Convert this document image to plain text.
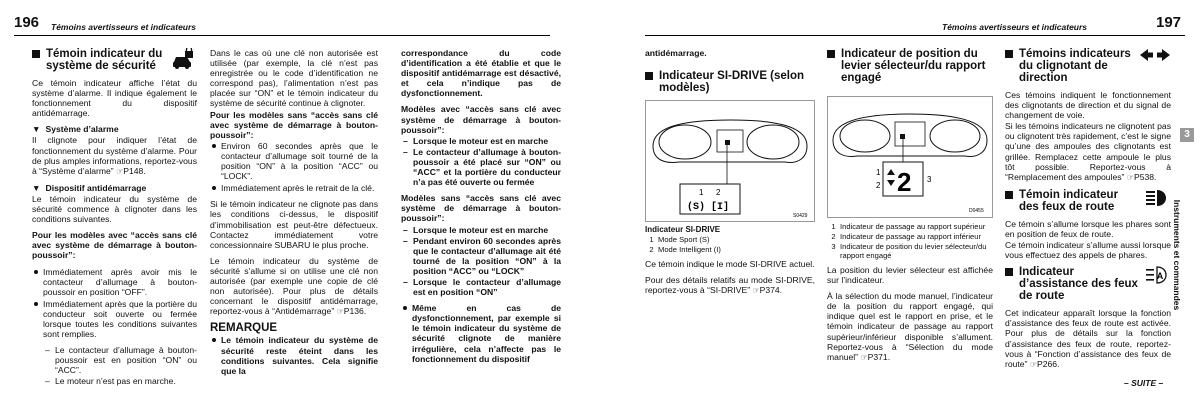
196 Témoins avertisseurs et indicateurs	Témoins avertisseurs et indicateurs	197
Témoin indicateur du système de sécurité

Ce témoin indicateur affiche l’état du système d’alarme. Il indique également le fonctionnement du dispositif antidémarrage.

▼ Système d’alarme

Il clignote pour indiquer l’état de fonctionnement du système d’alarme. Pour de plus amples informations, reportez-vous à “Système d’alarme” ☞ P148.

▼ Dispositif antidémarrage

Le témoin indicateur du système de sécurité commence à clignoter dans les conditions suivantes.

Pour les modèles avec “accès sans clé avec système de démarrage à bouton-poussoir”:

Immédiatement après avoir mis le contacteur d’allumage à bouton-poussoir en position “OFF”.
Immédiatement après que la portière du conducteur soit ouverte ou fermée lorsque toutes les conditions suivantes sont remplies.
– Le contacteur d’allumage à bouton-poussoir est en position “ON” ou “ACC”.
– Le moteur n’est pas en marche.

Dans le cas où une clé non autorisée est utilisée (par exemple, la clé n’est pas enregistrée ou le code d’identification ne correspond pas), l’alimentation n’est pas placée sur “ON” et le témoin indicateur du système de sécurité continue à clignoter.

Pour les modèles sans “accès sans clé avec système de démarrage à bouton-poussoir”:

Environ 60 secondes après que le contacteur d’allumage soit tourné de la position “ON” à la position “ACC” ou “LOCK”.
Immédiatement après le retrait de la clé.

Si le témoin indicateur ne clignote pas dans les conditions ci-dessus, le dispositif d’immobilisation est peut-être défectueux. Contactez immédiatement votre concessionnaire SUBARU le plus proche.

Le témoin indicateur du système de sécurité s’allume si on utilise une clé non autorisée (par exemple une copie de clé non autorisée). Pour plus de détails concernant le dispositif antidémarrage, reportez-vous à “Antidémarrage” ☞ P136.

REMARQUE
Le témoin indicateur du système de sécurité reste éteint dans les conditions suivantes. Cela signifie que la

correspondance du code d’identification a été établie et que le dispositif antidémarrage est désactivé, et cela n’indique pas de dysfonctionnement.

Modèles avec “accès sans clé avec système de démarrage à bouton-poussoir”:

– Lorsque le moteur est en marche
– Le contacteur d’allumage à bouton-poussoir a été placé sur “ON” ou “ACC” et la portière du conducteur n’a pas été ouverte ou fermée

Modèles sans “accès sans clé avec système de démarrage à bouton-poussoir”:

– Lorsque le moteur est en marche
– Pendant environ 60 secondes après que le contacteur d’allumage ait été tourné de la position “ON” à la position “ACC” ou “LOCK”
– Lorsque le contacteur d’allumage est en position “ON”
Même en cas de dysfonctionnement, par exemple si le témoin indicateur du système de sécurité clignote de manière irrégulière, cela n’affecte pas le fonctionnement du dispositif

antidémarrage.

Indicateur SI-DRIVE (selon modèles)
1 2
(S) [I]
S0429
Indicateur SI-DRIVE
1 Mode Sport (S)
2 Mode Intelligent (I)

Ce témoin indique le mode SI-DRIVE actuel.

Pour des détails relatifs au mode SI-DRIVE, reportez-vous à “SI-DRIVE” ☞ P374.

Indicateur de position du levier sélecteur/du rapport engagé
1
2
3
2
D0455
1 Indicateur de passage au rapport supérieur
2 Indicateur de passage au rapport inférieur
3 Indicateur de position du levier sélecteur/du rapport engagé

La position du levier sélecteur est affichée sur l’indicateur.

À la sélection du mode manuel, l’indicateur de la position du rapport engagé, qui indique quel est le rapport en prise, et le témoin indicateur de passage au rapport supérieur/inférieur disponible s’allument. Reportez-vous à “Sélection du mode manuel” ☞ P371.

Témoins indicateurs du clignotant de direction

Ces témoins indiquent le fonctionnement des clignotants de direction et du signal de changement de voie.

Si les témoins indicateurs ne clignotent pas ou clignotent très rapidement, c’est le signe qu’une des ampoules des clignotants est grillée. Remplacez cette ampoule le plus tôt possible. Reportez-vous à “Remplacement des ampoules” ☞ P538.

Témoin indicateur des feux de route

Ce témoin s’allume lorsque les phares sont en position de feux de route.

Ce témoin indicateur s’allume aussi lorsque vous effectuez des appels de phares.

Indicateur d’assistance des feux de route
A

Cet indicateur apparaît lorsque la fonction d’assistance des feux de route est activée. Pour plus de détails sur la fonction d’assistance des feux de route, reportez-vous à “Fonction d’assistance des feux de route” ☞ P266.

3
Instruments et commandes
– SUITE –
